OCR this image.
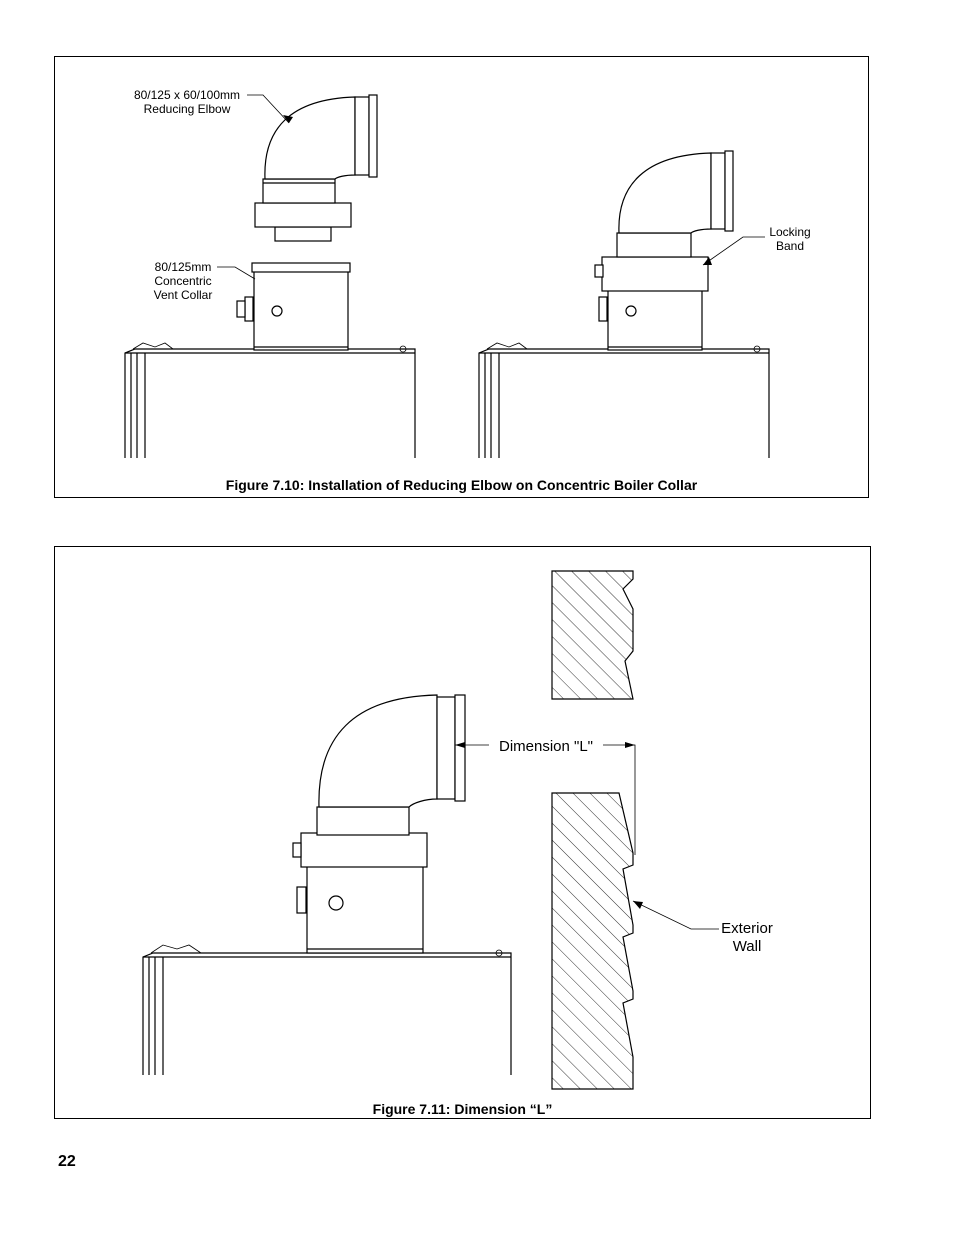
80/125 x 60/100mm
Reducing Elbow
80/125mm
Concentric
Vent Collar
Locking
Band
Figure 7.10: Installation of Reducing Elbow on Concentric Boiler Collar
Dimension "L"
Exterior
Wall
Figure 7.11: Dimension “L”
22
